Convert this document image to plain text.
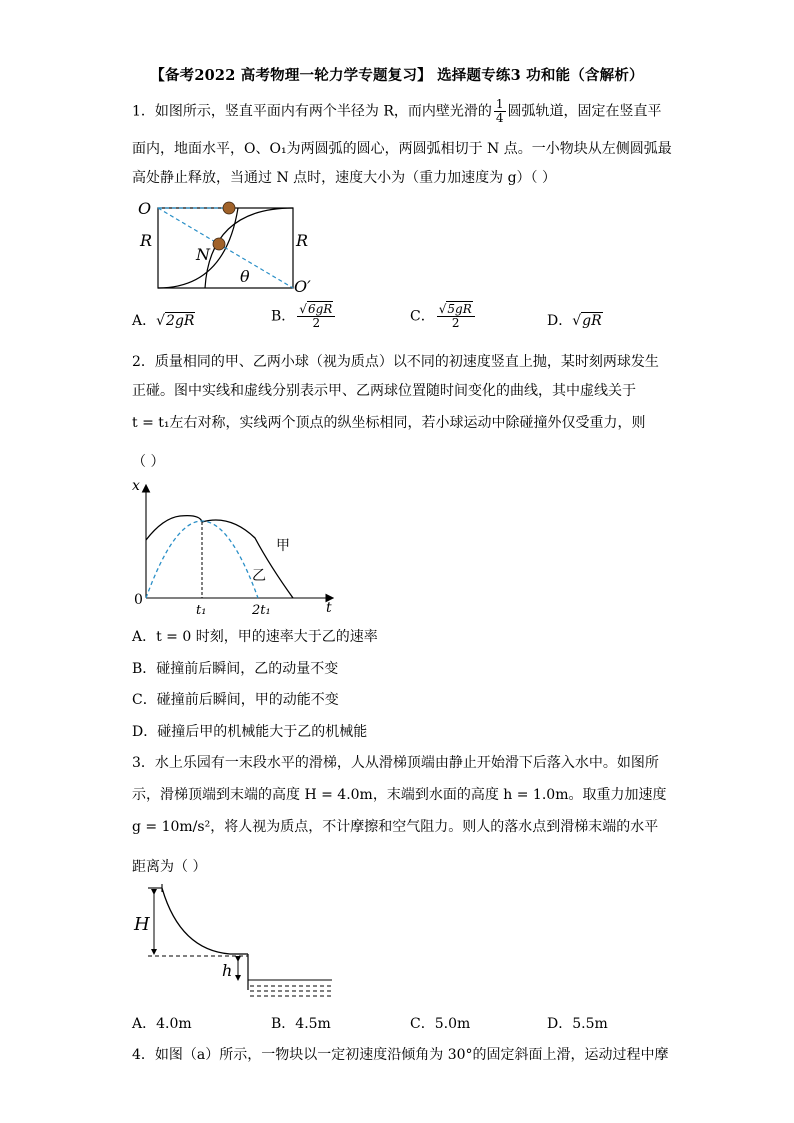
【备考2022 高考物理一轮力学专题复习】 选择题专练3 功和能（含解析）
1．如图所示，竖直平面内有两个半径为 R，而内壁光滑的 $\frac{1}{4}$ 圆弧轨道，固定在竖直平
面内，地面水平，O、O₁为两圆弧的圆心，两圆弧相切于 N 点。一小物块从左侧圆弧最
高处静止释放，当通过 N 点时，速度大小为（重力加速度为 g）（ ）
O
R	R
N
θ
O′
A．√2gR	B． $\frac{√6gR}{2}$	C． $\frac{√5gR}{2}$	D．√gR
2．质量相同的甲、乙两小球（视为质点）以不同的初速度竖直上抛，某时刻两球发生
正碰。图中实线和虚线分别表示甲、乙两球位置随时间变化的曲线，其中虚线关于
t = t₁左右对称，实线两个顶点的纵坐标相同，若小球运动中除碰撞外仅受重力，则
（ ）
x
t
0
t₁	2t₁
甲
乙
A．t = 0 时刻，甲的速率大于乙的速率
B．碰撞前后瞬间，乙的动量不变
C．碰撞前后瞬间，甲的动能不变
D．碰撞后甲的机械能大于乙的机械能
3．水上乐园有一末段水平的滑梯，人从滑梯顶端由静止开始滑下后落入水中。如图所
示，滑梯顶端到末端的高度 H = 4.0m，末端到水面的高度 h = 1.0m。取重力加速度
g = 10m/s²，将人视为质点，不计摩擦和空气阻力。则人的落水点到滑梯末端的水平
距离为（ ）
H
h
A．4.0m	B．4.5m	C．5.0m	D．5.5m
4．如图（a）所示，一物块以一定初速度沿倾角为 30°的固定斜面上滑，运动过程中摩
